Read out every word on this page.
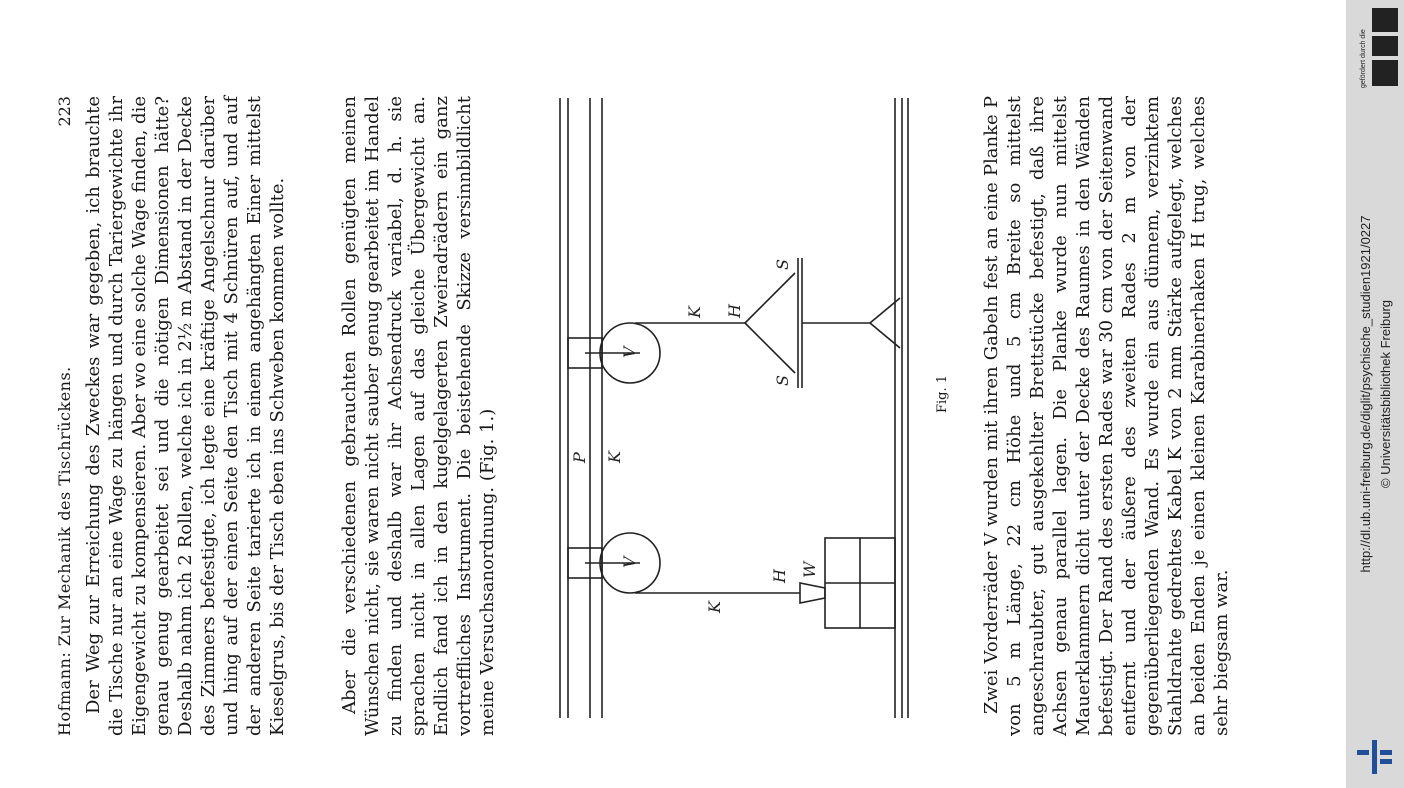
Hofmann: Zur Mechanik des Tischrückens.
223 Der Weg zur Erreichung des Zweckes war gegeben, ich brauchte die Tische nur an eine Wage zu hängen und durch Tariergewichte ihr Eigengewicht zu kompensieren. Aber wo eine solche Wage finden, die genau genug gearbeitet sei und die nötigen Dimensionen hätte? Deshalb nahm ich 2 Rollen, welche ich in 2½ m Abstand in der Decke des Zimmers befestigte, ich legte eine kräftige Angelschnur darüber und hing auf der einen Seite den Tisch mit 4 Schnüren auf, und auf der anderen Seite tarierte ich in einem angehängten Einer mittelst Kieselgrus, bis der Tisch eben ins Schweben kommen wollte.	Aber die verschiedenen gebrauchten Rollen genügten meinen Wünschen nicht, sie waren nicht sauber genug gearbeitet im Handel zu finden und deshalb war ihr Achsendruck variabel, d. h. sie sprachen nicht in allen Lagen auf das gleiche Übergewicht an. Endlich fand ich in den kugelgelagerten Zweiradrädern ein ganz vortreffliches Instrument. Die beistehende Skizze versinnbildlicht meine Versuchsanordnung. (Fig. 1.)	V
V
P K
K
K
H
H
W
S
S
Fig. 1 Zwei Vorderräder V wurden mit ihren Gabeln fest an eine Planke P von 5 m Länge, 22 cm Höhe und 5 cm Breite so mittelst angeschraubter, gut ausgekehlter Brettstücke befestigt, daß ihre Achsen genau parallel lagen. Die Planke wurde nun mittelst Mauerklammern dicht unter der Decke des Raumes in den Wänden befestigt. Der Rand des ersten Rades war 30 cm von der Seitenwand entfernt und der äußere des zweiten Rades 2 m von der gegenüberliegenden Wand. Es wurde ein aus dünnem, verzinktem Stahldrahte gedrehtes Kabel K von 2 mm Stärke aufgelegt, welches an beiden Enden je einen kleinen Karabinerhaken H trug, welches sehr biegsam war.
http://dl.ub.uni-freiburg.de/diglit/psychische_studien1921/0227 © Universitätsbibliothek Freiburg
gefördert durch die
